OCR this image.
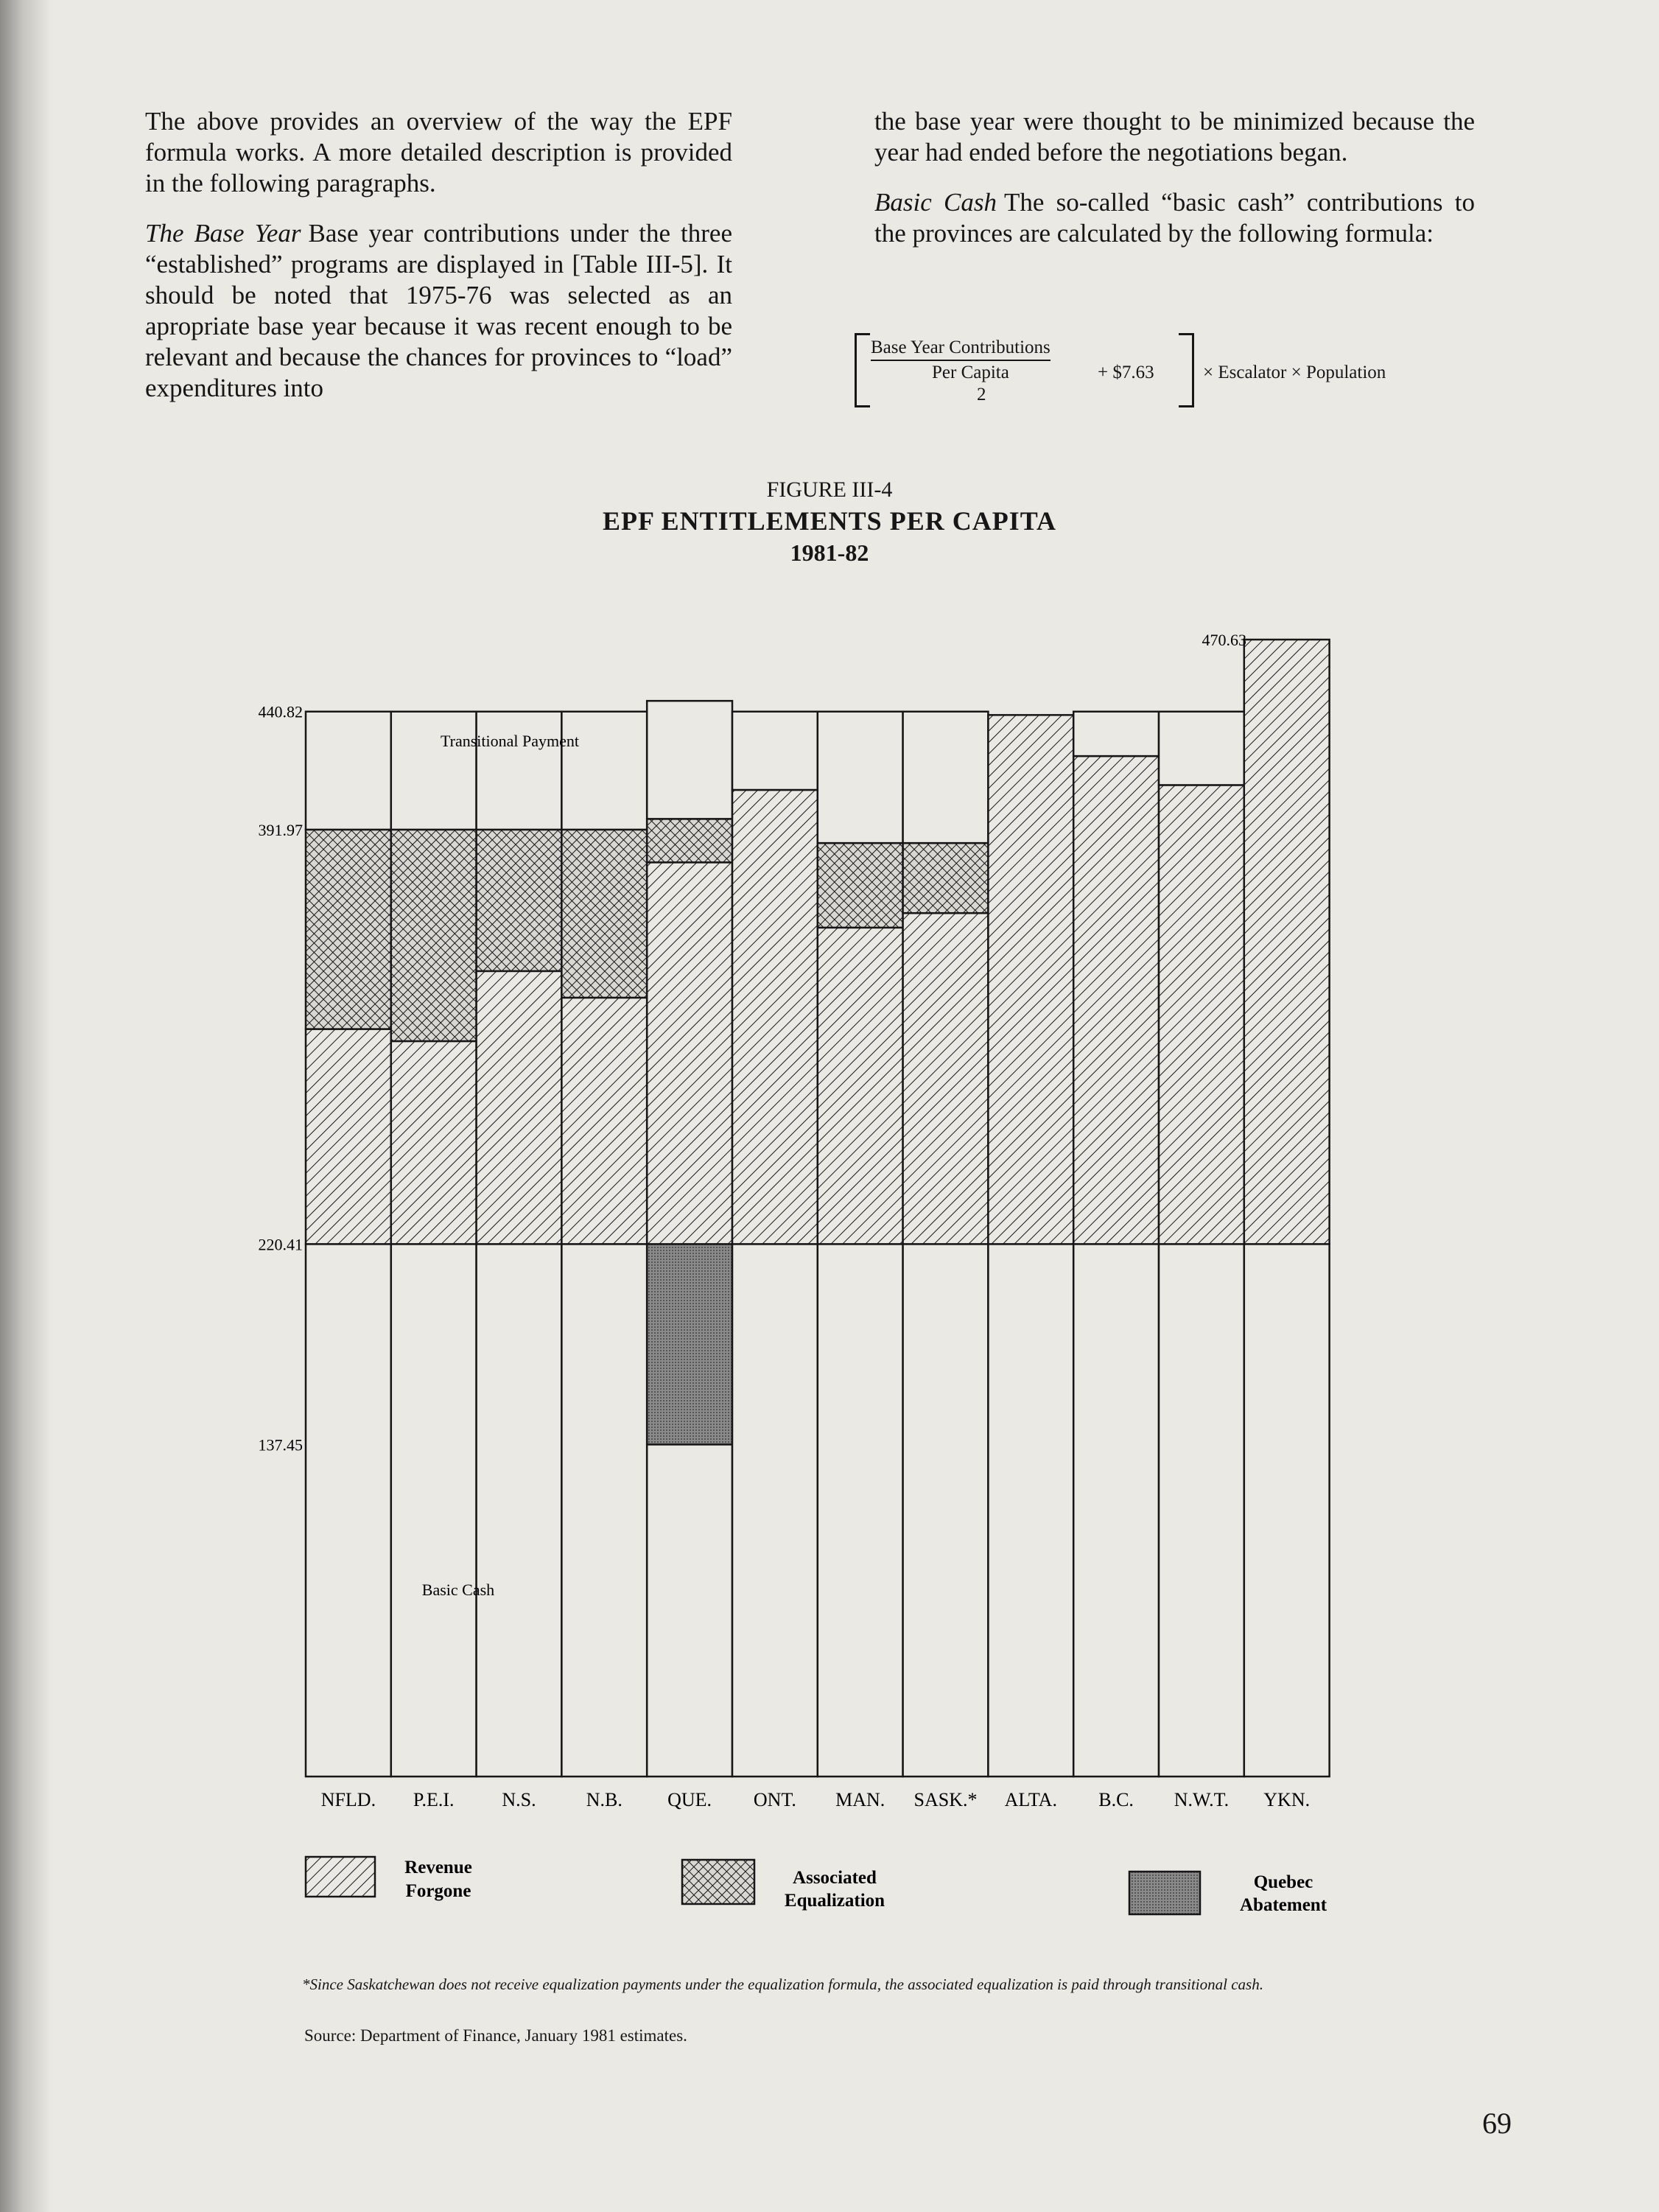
The above provides an overview of the way the EPF formula works. A more detailed description is provided in the following paragraphs.

The Base Year Base year contributions under the three “established” programs are displayed in [Table III-5]. It should be noted that 1975-76 was selected as an apropriate base year because it was recent enough to be relevant and because the chances for provinces to “load” expenditures into

the base year were thought to be minimized because the year had ended before the negotiations began.

Basic Cash The so-called “basic cash” contributions to the provinces are calculated by the following formula:

Base Year Contributions
Per Capita
2
+ $7.63	× Escalator × Population
FIGURE III-4
EPF ENTITLEMENTS PER CAPITA
1981-82
137.45
220.41
391.97
440.82
470.63
NFLD. P.E.I. N.S.	N.B. QUE. ONT. MAN. SASK.* ALTA. B.C. N.W.T. YKN.
Transitional Payment
Basic Cash
Revenue
Forgone
Associated
Equalization
Quebec
Abatement
*Since Saskatchewan does not receive equalization payments under the equalization formula, the associated equalization is paid through transitional cash.
Source: Department of Finance, January 1981 estimates.
69
